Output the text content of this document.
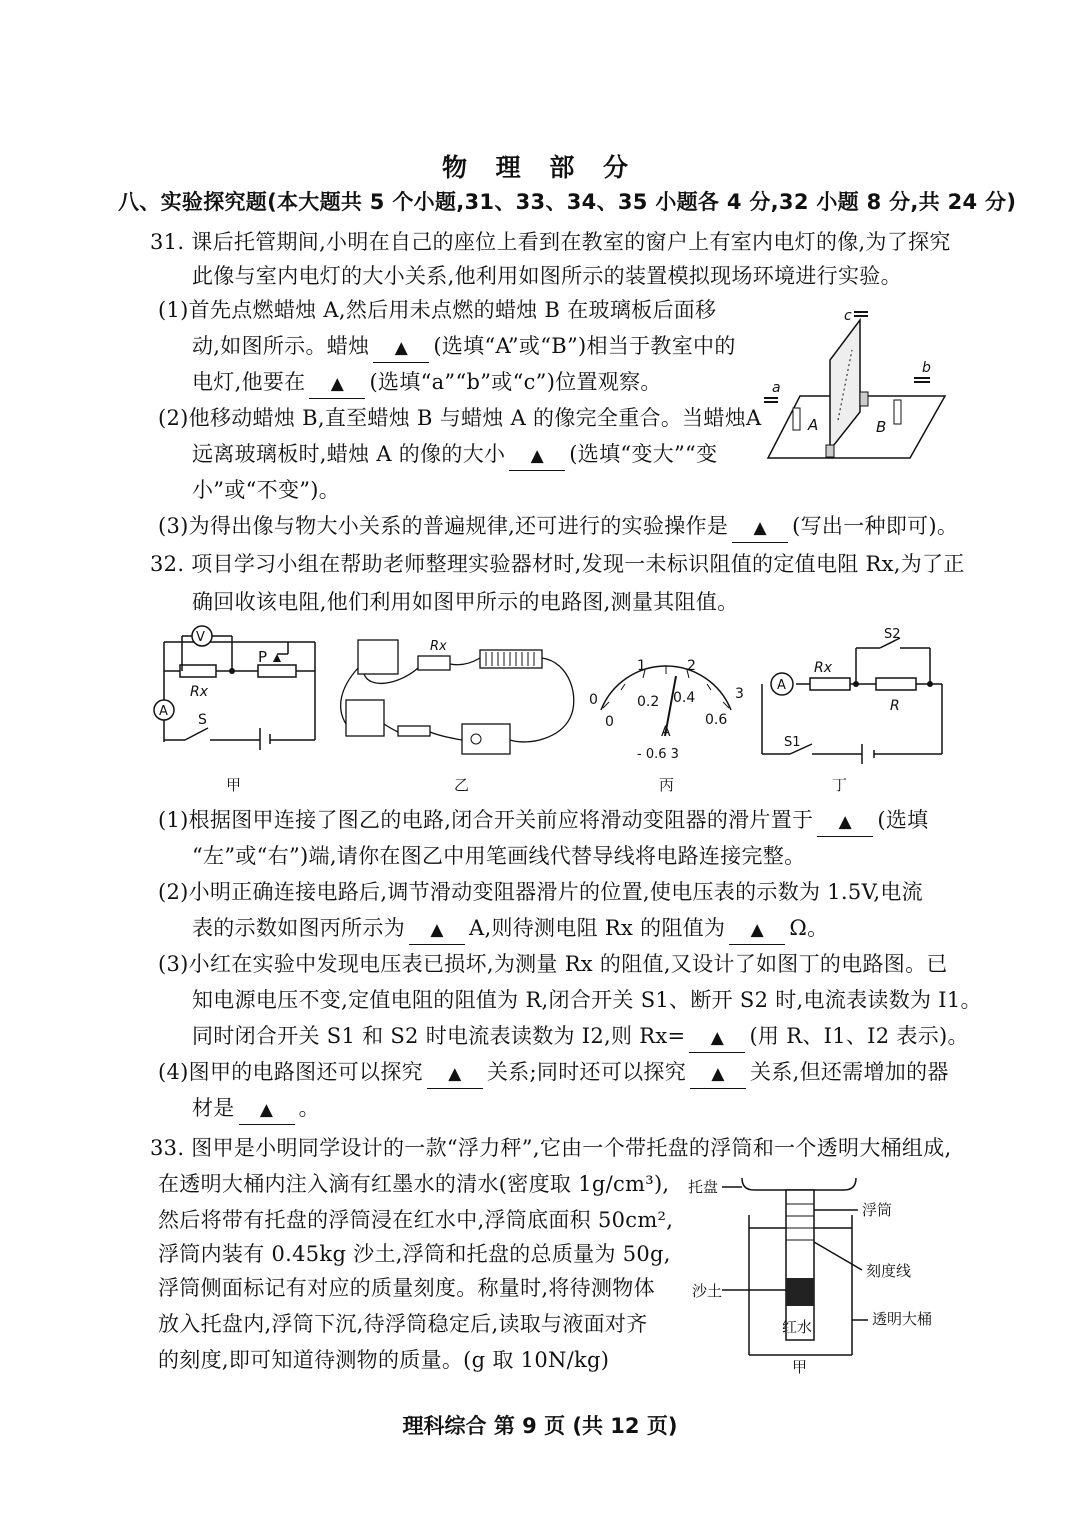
物 理 部 分
八、实验探究题(本大题共 5 个小题,31、33、34、35 小题各 4 分,32 小题 8 分,共 24 分)
31. 课后托管期间,小明在自己的座位上看到在教室的窗户上有室内电灯的像,为了探究
此像与室内电灯的大小关系,他利用如图所示的装置模拟现场环境进行实验。
(1)首先点燃蜡烛 A,然后用未点燃的蜡烛 B 在玻璃板后面移
动,如图所示。蜡烛 ▲ (选填“A”或“B”)相当于教室中的
电灯,他要在 ▲ (选填“a”“b”或“c”)位置观察。
(2)他移动蜡烛 B,直至蜡烛 B 与蜡烛 A 的像完全重合。当蜡烛A
远离玻璃板时,蜡烛 A 的像的大小 ▲ (选填“变大”“变
小”或“不变”)。
(3)为得出像与物大小关系的普遍规律,还可进行的实验操作是 ▲ (写出一种即可)。
a
b
c
A	B
32. 项目学习小组在帮助老师整理实验器材时,发现一未标识阻值的定值电阻 Rx,为了正
确回收该电阻,他们利用如图甲所示的电路图,测量其阻值。
V
A
P
Rx
S
甲
Rx
乙
0
1	2
3
0
0.2 0.4
0.6
A
- 0.6 3
丙
A
Rx
R
S1
S2
丁
(1)根据图甲连接了图乙的电路,闭合开关前应将滑动变阻器的滑片置于 ▲ (选填
“左”或“右”)端,请你在图乙中用笔画线代替导线将电路连接完整。
(2)小明正确连接电路后,调节滑动变阻器滑片的位置,使电压表的示数为 1.5V,电流
表的示数如图丙所示为 ▲ A,则待测电阻 Rx 的阻值为 ▲ Ω。
(3)小红在实验中发现电压表已损坏,为测量 Rx 的阻值,又设计了如图丁的电路图。已
知电源电压不变,定值电阻的阻值为 R,闭合开关 S1、断开 S2 时,电流表读数为 I1。
同时闭合开关 S1 和 S2 时电流表读数为 I2,则 Rx= ▲ (用 R、I1、I2 表示)。
(4)图甲的电路图还可以探究 ▲ 关系;同时还可以探究 ▲ 关系,但还需增加的器
材是 ▲ 。
33. 图甲是小明同学设计的一款“浮力秤”,它由一个带托盘的浮筒和一个透明大桶组成,
在透明大桶内注入滴有红墨水的清水(密度取 1g/cm³),
然后将带有托盘的浮筒浸在红水中,浮筒底面积 50cm²,
浮筒内装有 0.45kg 沙土,浮筒和托盘的总质量为 50g,
浮筒侧面标记有对应的质量刻度。称量时,将待测物体
放入托盘内,浮筒下沉,待浮筒稳定后,读取与液面对齐
的刻度,即可知道待测物的质量。(g 取 10N/kg)
托盘
浮筒
刻度线
沙土
透明大桶
红水
甲
理科综合 第 9 页 (共 12 页)
